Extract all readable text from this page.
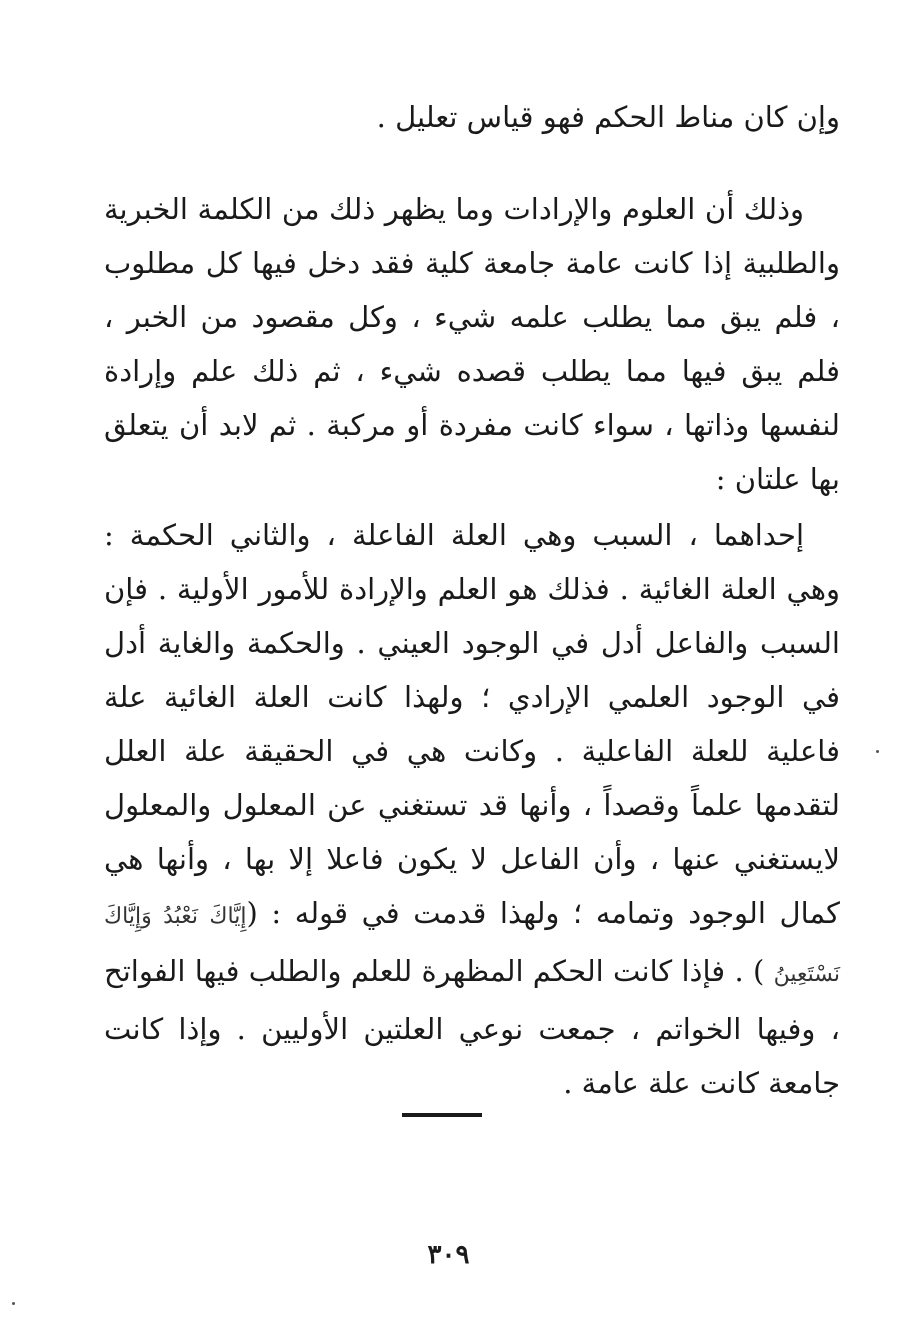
وإن كان مناط الحكم فهو قياس تعليل .

وذلك أن العلوم والإرادات وما يظهر ذلك من الكلمة الخبرية والطلبية إذا كانت عامة جامعة كلية فقد دخل فيها كل مطلوب ، فلم يبق مما يطلب علمه شيء ، وكل مقصود من الخبر ، فلم يبق فيها مما يطلب قصده شيء ، ثم ذلك علم وإرادة لنفسها وذاتها ، سواء كانت مفردة أو مركبة . ثم لابد أن يتعلق بها علتان :

إحداهما ، السبب وهي العلة الفاعلة ، والثاني الحكمة : وهي العلة الغائية . فذلك هو العلم والإرادة للأمور الأولية . فإن السبب والفاعل أدل في الوجود العيني . والحكمة والغاية أدل في الوجود العلمي الإرادي ؛ ولهذا كانت العلة الغائية علة فاعلية للعلة الفاعلية . وكانت هي في الحقيقة علة العلل لتقدمها علماً وقصداً ، وأنها قد تستغني عن المعلول والمعلول لايستغني عنها ، وأن الفاعل لا يكون فاعلا إلا بها ، وأنها هي كمال الوجود وتمامه ؛ ولهذا قدمت في قوله : (إِيَّاكَ نَعْبُدُ وَإِيَّاكَ نَسْتَعِينُ ) . فإذا كانت الحكم المظهرة للعلم والطلب فيها الفواتح ، وفيها الخواتم ، جمعت نوعي العلتين الأوليين . وإذا كانت جامعة كانت علة عامة .

٣٠٩
